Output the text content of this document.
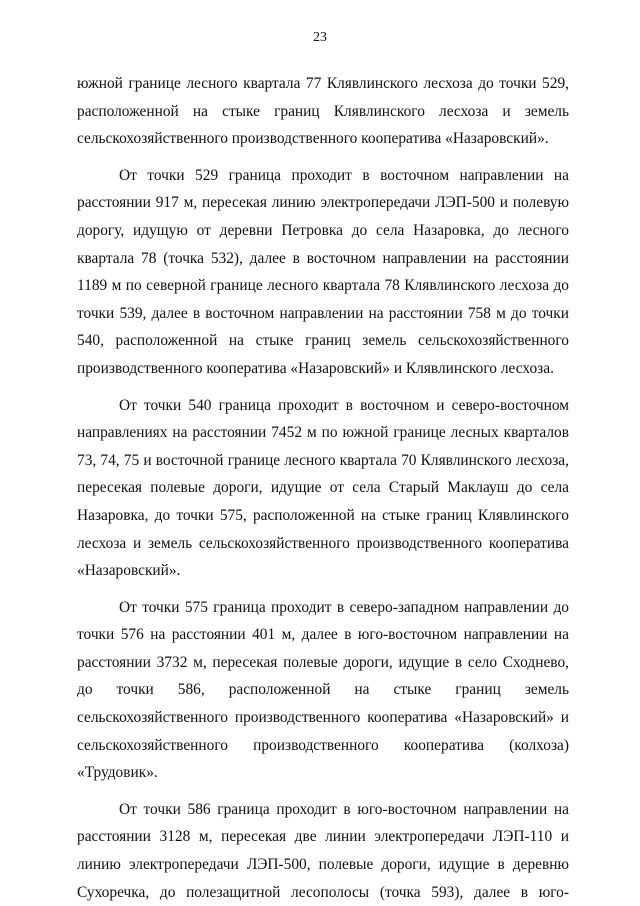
23
южной границе лесного квартала 77 Клявлинского лесхоза до точки 529,
расположенной на стыке границ Клявлинского лесхоза и земель
сельскохозяйственного производственного кооператива «Назаровский».
От точки 529 граница проходит в восточном направлении на
расстоянии 917 м, пересекая линию электропередачи ЛЭП-500 и полевую
дорогу, идущую от деревни Петровка до села Назаровка, до лесного
квартала 78 (точка 532), далее в восточном направлении на расстоянии
1189 м по северной границе лесного квартала 78 Клявлинского лесхоза до
точки 539, далее в восточном направлении на расстоянии 758 м до точки
540, расположенной на стыке границ земель сельскохозяйственного
производственного кооператива «Назаровский» и Клявлинского лесхоза.
От точки 540 граница проходит в восточном и северо-восточном
направлениях на расстоянии 7452 м по южной границе лесных кварталов
73, 74, 75 и восточной границе лесного квартала 70 Клявлинского лесхоза,
пересекая полевые дороги, идущие от села Старый Маклауш до села
Назаровка, до точки 575, расположенной на стыке границ Клявлинского
лесхоза и земель сельскохозяйственного производственного кооператива
«Назаровский».
От точки 575 граница проходит в северо-западном направлении до
точки 576 на расстоянии 401 м, далее в юго-восточном направлении на
расстоянии 3732 м, пересекая полевые дороги, идущие в село Сходнево,
до точки 586, расположенной на стыке границ земель
сельскохозяйственного производственного кооператива «Назаровский» и
сельскохозяйственного производственного кооператива (колхоза)
«Трудовик».
От точки 586 граница проходит в юго-восточном направлении на
расстоянии 3128 м, пересекая две линии электропередачи ЛЭП-110 и
линию электропередачи ЛЭП-500, полевые дороги, идущие в деревню
Сухоречка, до полезащитной лесополосы (точка 593), далее в юго-
